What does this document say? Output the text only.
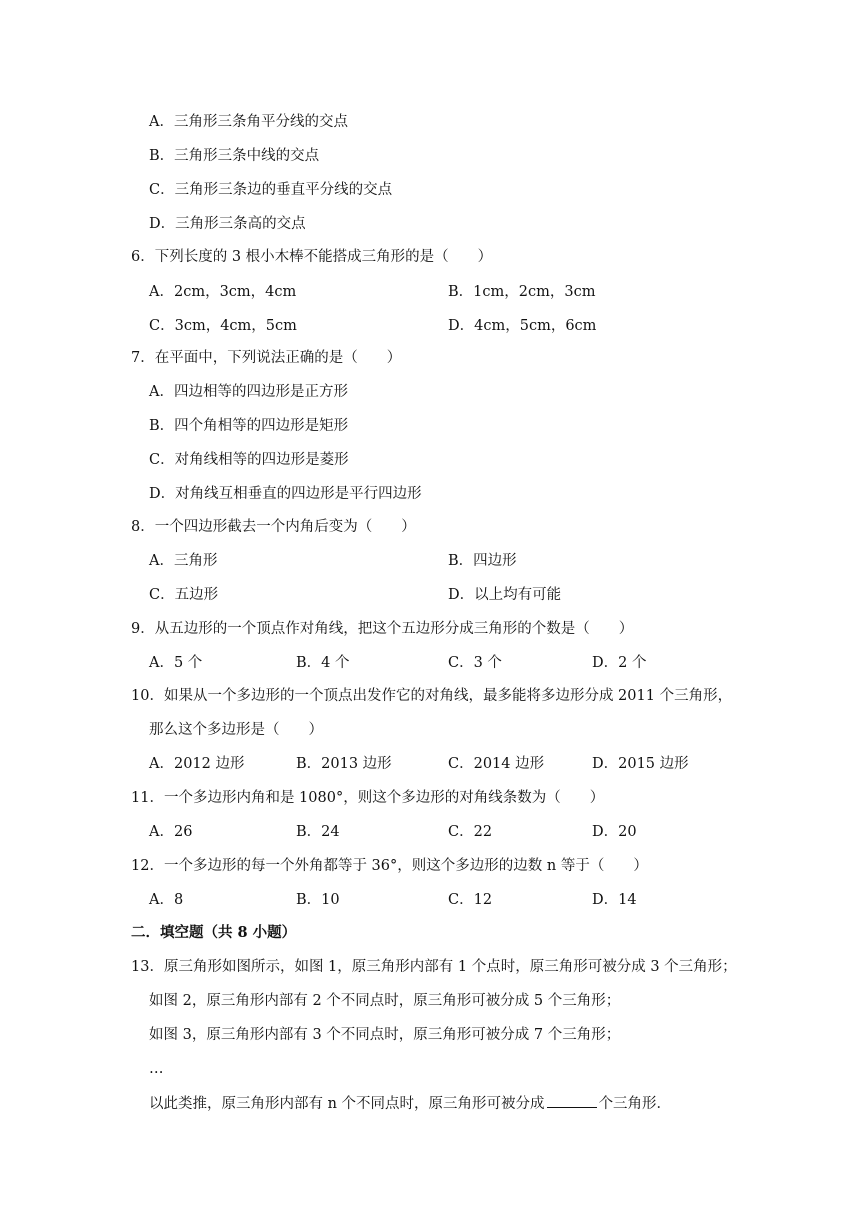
A．三角形三条角平分线的交点
B．三角形三条中线的交点
C．三角形三条边的垂直平分线的交点
D．三角形三条高的交点
6．下列长度的 3 根小木棒不能搭成三角形的是（　　）
A．2cm，3cm，4cm	B．1cm，2cm，3cm
C．3cm，4cm，5cm	D．4cm，5cm，6cm
7．在平面中，下列说法正确的是（　　）
A．四边相等的四边形是正方形
B．四个角相等的四边形是矩形
C．对角线相等的四边形是菱形
D．对角线互相垂直的四边形是平行四边形
8．一个四边形截去一个内角后变为（　　）
A．三角形	B．四边形
C．五边形	D．以上均有可能
9．从五边形的一个顶点作对角线，把这个五边形分成三角形的个数是（　　）
A．5 个	B．4 个	C．3 个	D．2 个
10．如果从一个多边形的一个顶点出发作它的对角线，最多能将多边形分成 2011 个三角形，
那么这个多边形是（　　）
A．2012 边形	B．2013 边形	C．2014 边形	D．2015 边形
11．一个多边形内角和是 1080°，则这个多边形的对角线条数为（　　）
A．26	B．24	C．22	D．20
12．一个多边形的每一个外角都等于 36°，则这个多边形的边数 n 等于（　　）
A．8	B．10	C．12	D．14
二．填空题（共 8 小题）
13．原三角形如图所示，如图 1，原三角形内部有 1 个点时，原三角形可被分成 3 个三角形；
如图 2，原三角形内部有 2 个不同点时，原三角形可被分成 5 个三角形；
如图 3，原三角形内部有 3 个不同点时，原三角形可被分成 7 个三角形；
…
以此类推，原三角形内部有 n 个不同点时，原三角形可被分成	个三角形．
